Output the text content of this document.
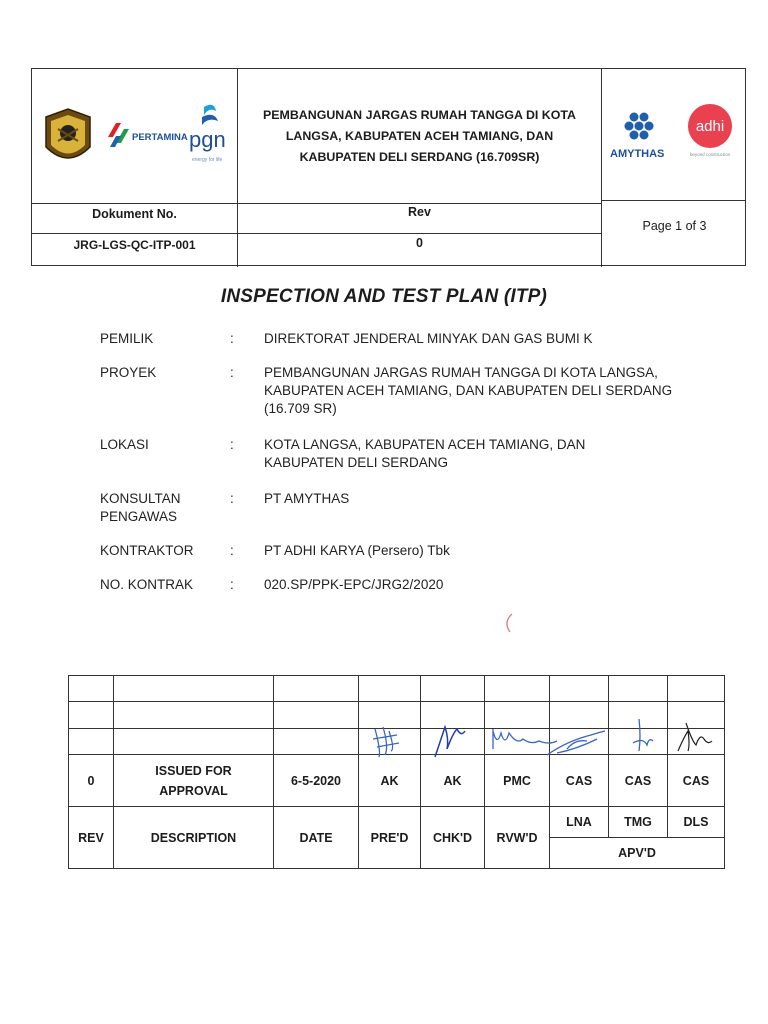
PERTAMINA pgn
energy for life
PEMBANGUNAN JARGAS RUMAH TANGGA DI KOTA LANGSA, KABUPATEN ACEH TAMIANG, DAN KABUPATEN DELI SERDANG (16.709SR)	AMYTHAS
adhi
beyond construction
Dokument No.
JRG-LGS-QC-ITP-001
Rev
0
Page 1 of 3
INSPECTION AND TEST PLAN (ITP)
PEMILIK	:	DIREKTORAT JENDERAL MINYAK DAN GAS BUMI K
PROYEK	:	PEMBANGUNAN JARGAS RUMAH TANGGA DI KOTA LANGSA, KABUPATEN ACEH TAMIANG, DAN KABUPATEN DELI SERDANG (16.709 SR)
LOKASI	:	KOTA LANGSA, KABUPATEN ACEH TAMIANG, DAN KABUPATEN DELI SERDANG
KONSULTAN PENGAWAS
:	PT AMYTHAS
KONTRAKTOR	:	PT ADHI KARYA (Persero) Tbk
NO. KONTRAK	:	020.SP/PPK-EPC/JRG2/2020

0	ISSUED FOR APPROVAL	6-5-2020	AK	AK	PMC	CAS	CAS	CAS
REV	DESCRIPTION	DATE	PRE'D	CHK'D	RVW'D	LNA	TMG	DLS
						APV'D		
